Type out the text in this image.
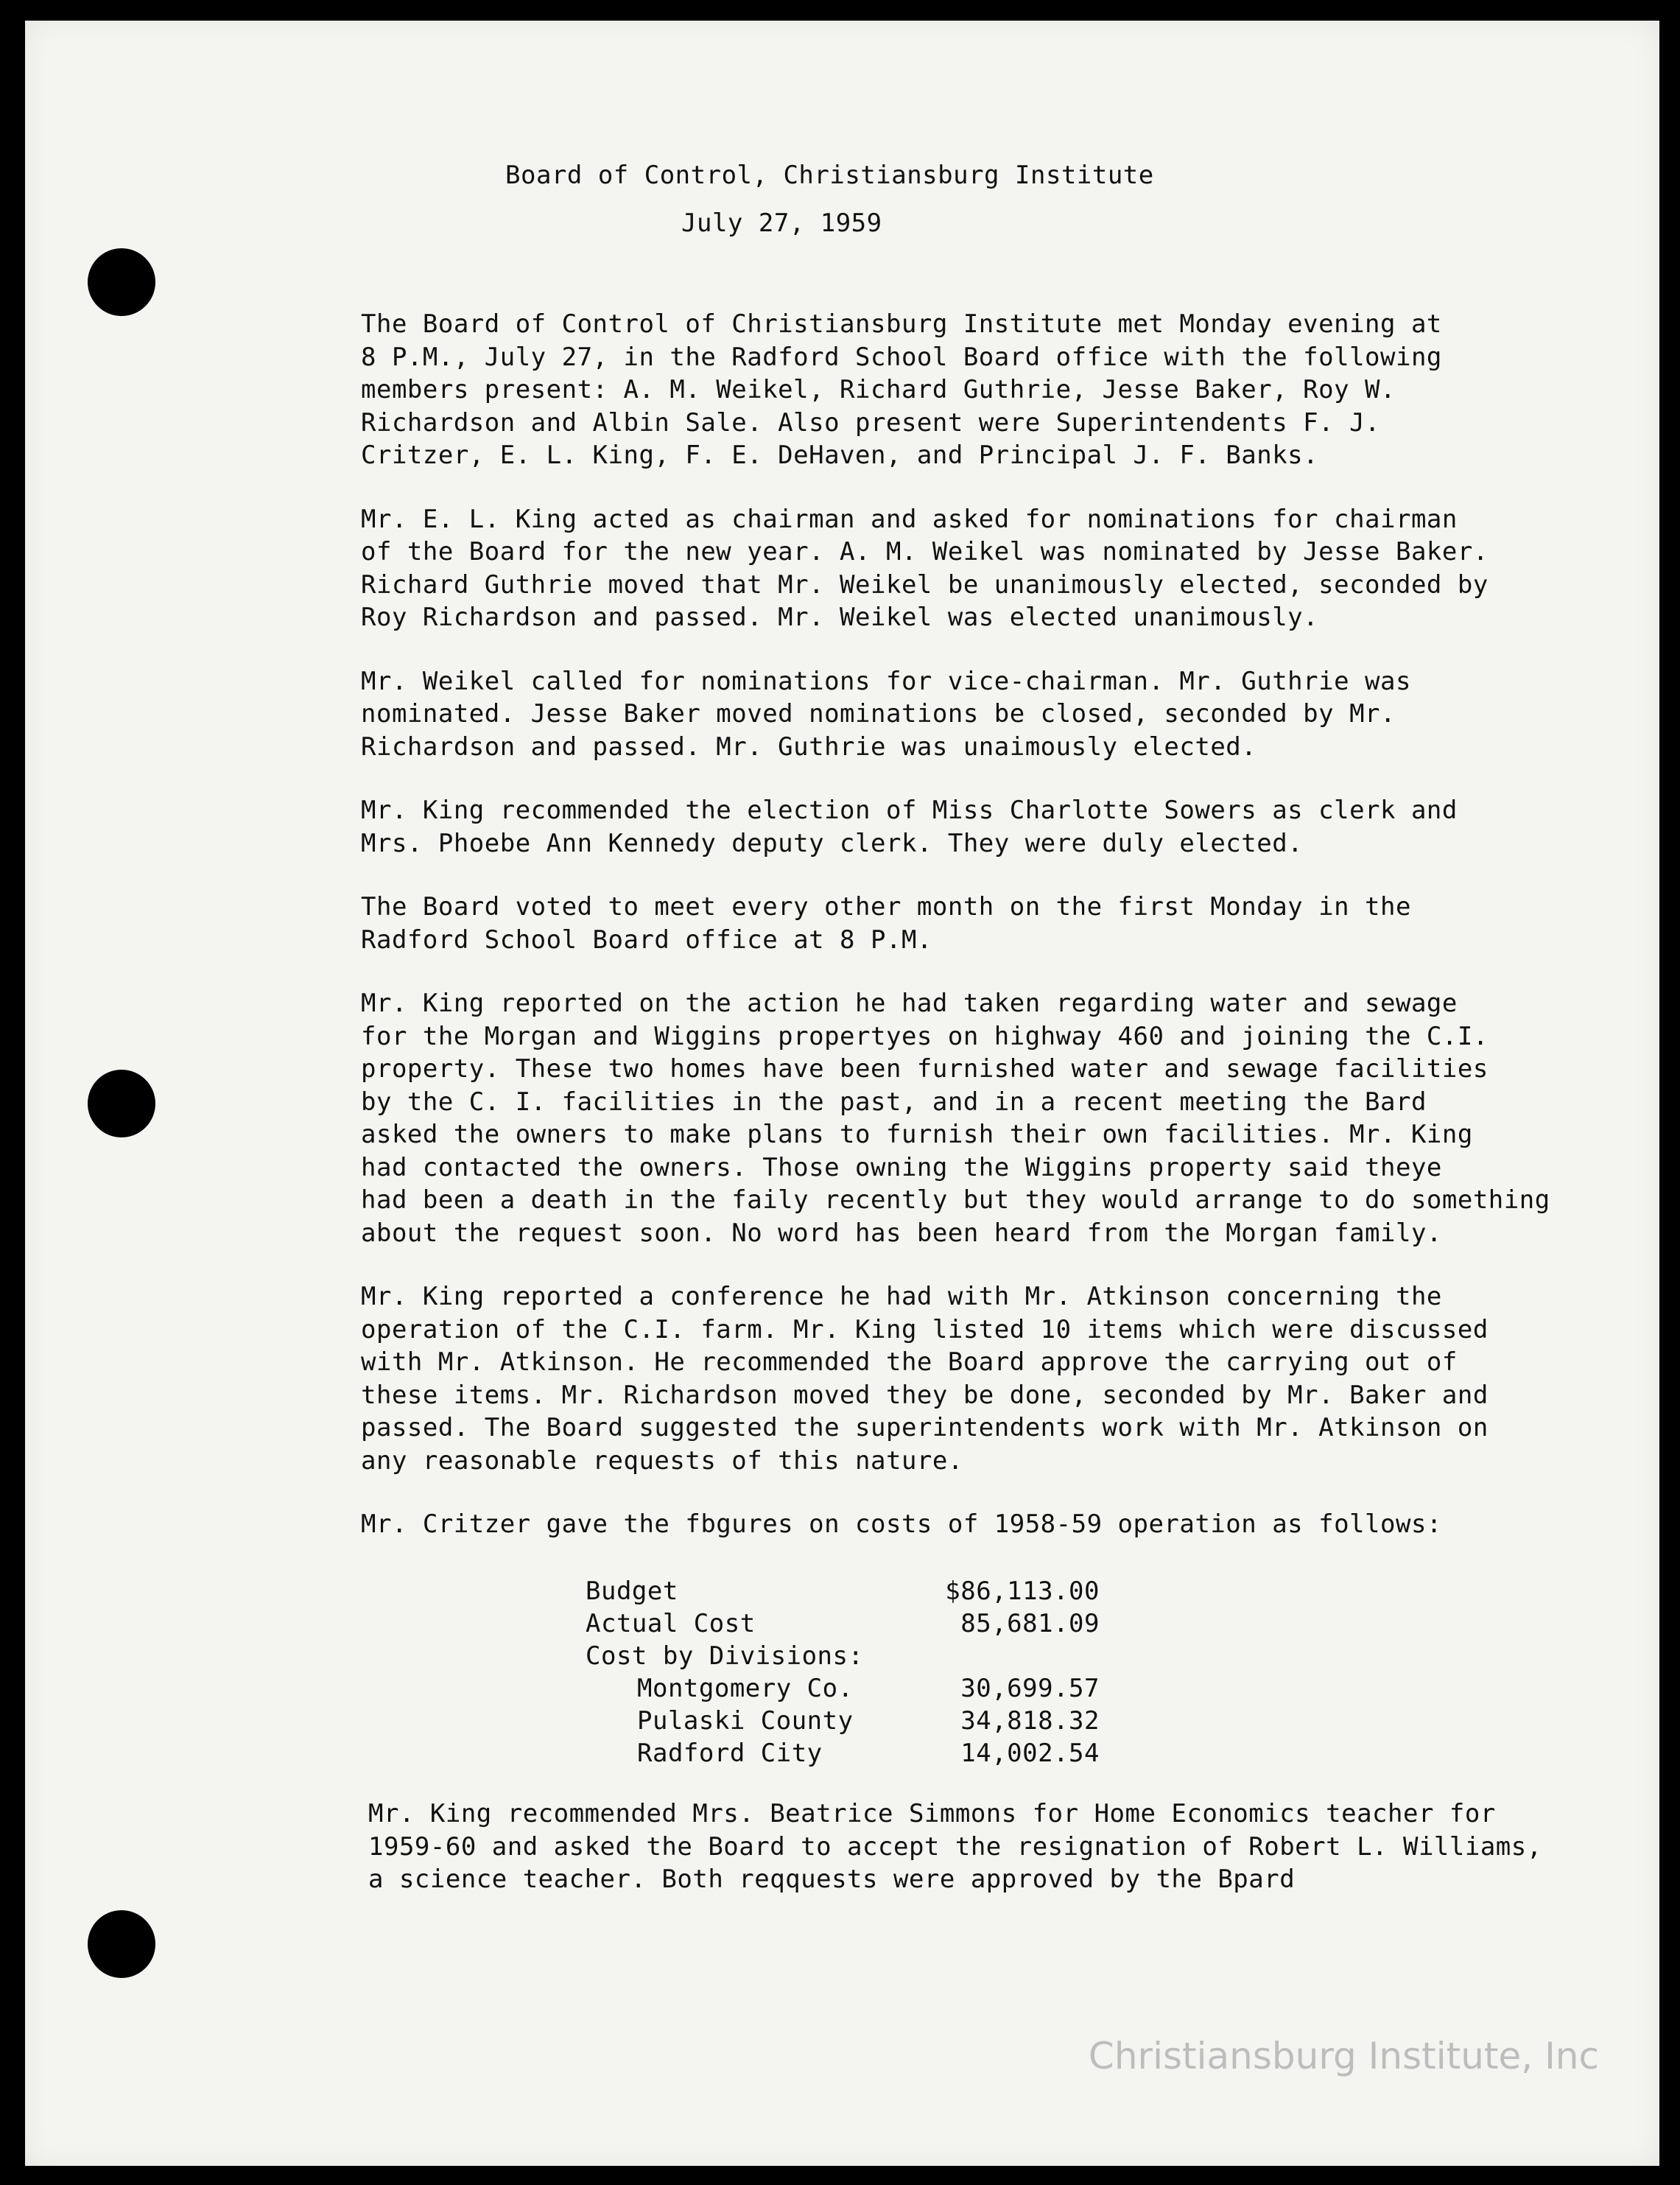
Board of Control, Christiansburg Institute
July 27, 1959

The Board of Control of Christiansburg Institute met Monday evening at
8 P.M., July 27, in the Radford School Board office with the following
members present: A. M. Weikel, Richard Guthrie, Jesse Baker, Roy W.
Richardson and Albin Sale. Also present were Superintendents F. J.
Critzer, E. L. King, F. E. DeHaven, and Principal J. F. Banks.

Mr. E. L. King acted as chairman and asked for nominations for chairman
of the Board for the new year. A. M. Weikel was nominated by Jesse Baker.
Richard Guthrie moved that Mr. Weikel be unanimously elected, seconded by
Roy Richardson and passed. Mr. Weikel was elected unanimously.

Mr. Weikel called for nominations for vice-chairman. Mr. Guthrie was
nominated. Jesse Baker moved nominations be closed, seconded by Mr.
Richardson and passed. Mr. Guthrie was unaimously elected.

Mr. King recommended the election of Miss Charlotte Sowers as clerk and
Mrs. Phoebe Ann Kennedy deputy clerk. They were duly elected.

The Board voted to meet every other month on the first Monday in the
Radford School Board office at 8 P.M.

Mr. King reported on the action he had taken regarding water and sewage
for the Morgan and Wiggins propertyes on highway 460 and joining the C.I.
property. These two homes have been furnished water and sewage facilities
by the C. I. facilities in the past, and in a recent meeting the Bard
asked the owners to make plans to furnish their own facilities. Mr. King
had contacted the owners. Those owning the Wiggins property said theye
had been a death in the faily recently but they would arrange to do something
about the request soon. No word has been heard from the Morgan family.

Mr. King reported a conference he had with Mr. Atkinson concerning the
operation of the C.I. farm. Mr. King listed 10 items which were discussed
with Mr. Atkinson. He recommended the Board approve the carrying out of
these items. Mr. Richardson moved they be done, seconded by Mr. Baker and
passed. The Board suggested the superintendents work with Mr. Atkinson on
any reasonable requests of this nature.

Mr. Critzer gave the fbgures on costs of 1958-59 operation as follows:

Budget	$86,113.00
Actual Cost	85,681.09
Cost by Divisions:	
Montgomery Co.	30,699.57
Pulaski County	34,818.32
Radford City	14,002.54
Mr. King recommended Mrs. Beatrice Simmons for Home Economics teacher for
1959-60 and asked the Board to accept the resignation of Robert L. Williams,
a science teacher. Both reqquests were approved by the Bpard
Christiansburg Institute, Inc
